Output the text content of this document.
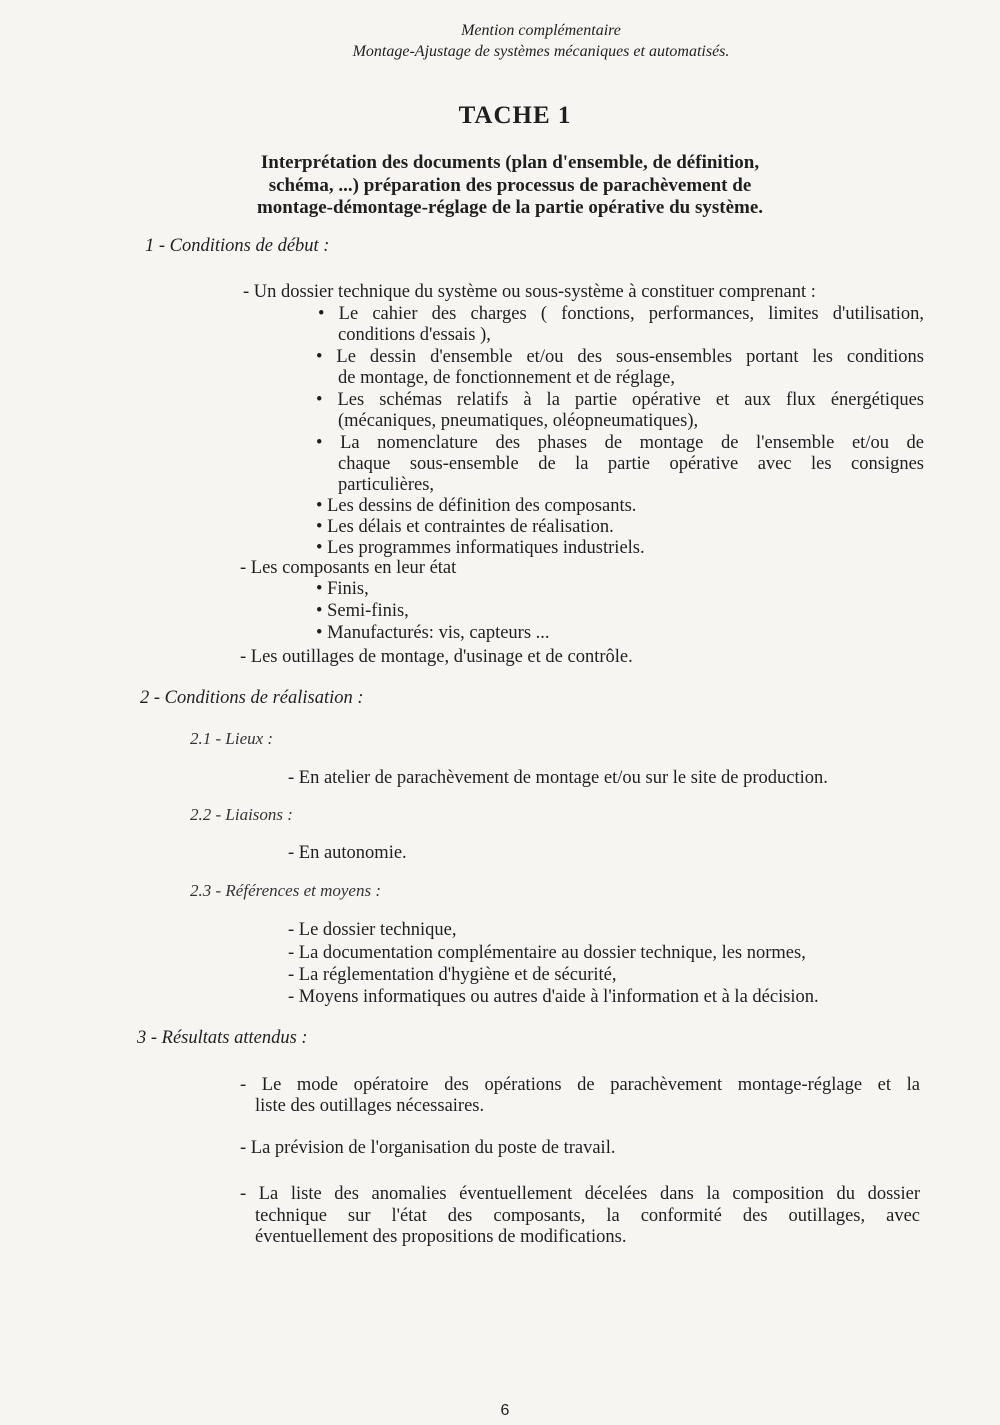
Mention complémentaire
Montage-Ajustage de systèmes mécaniques et automatisés.
TACHE 1
Interprétation des documents (plan d'ensemble, de définition,
schéma, ...) préparation des processus de parachèvement de
montage-démontage-réglage de la partie opérative du système.
1 - Conditions de début :
- Un dossier technique du système ou sous-système à constituer comprenant :
• Le cahier des charges ( fonctions, performances, limites d'utilisation,
conditions d'essais ),
• Le dessin d'ensemble et/ou des sous-ensembles portant les conditions
de montage, de fonctionnement et de réglage,
• Les schémas relatifs à la partie opérative et aux flux énergétiques
(mécaniques, pneumatiques, oléopneumatiques),
• La nomenclature des phases de montage de l'ensemble et/ou de
chaque sous-ensemble de la partie opérative avec les consignes
particulières,
• Les dessins de définition des composants.
• Les délais et contraintes de réalisation.
• Les programmes informatiques industriels.
- Les composants en leur état
• Finis,
• Semi-finis,
• Manufacturés: vis, capteurs ...
- Les outillages de montage, d'usinage et de contrôle.
2 - Conditions de réalisation :
2.1 - Lieux :
- En atelier de parachèvement de montage et/ou sur le site de production.
2.2 - Liaisons :
- En autonomie.
2.3 - Références et moyens :
- Le dossier technique,
- La documentation complémentaire au dossier technique, les normes,
- La réglementation d'hygiène et de sécurité,
- Moyens informatiques ou autres d'aide à l'information et à la décision.
3 - Résultats attendus :
- Le mode opératoire des opérations de parachèvement montage-réglage et la
liste des outillages nécessaires.
- La prévision de l'organisation du poste de travail.
- La liste des anomalies éventuellement décelées dans la composition du dossier
technique sur l'état des composants, la conformité des outillages, avec
éventuellement des propositions de modifications.
6
